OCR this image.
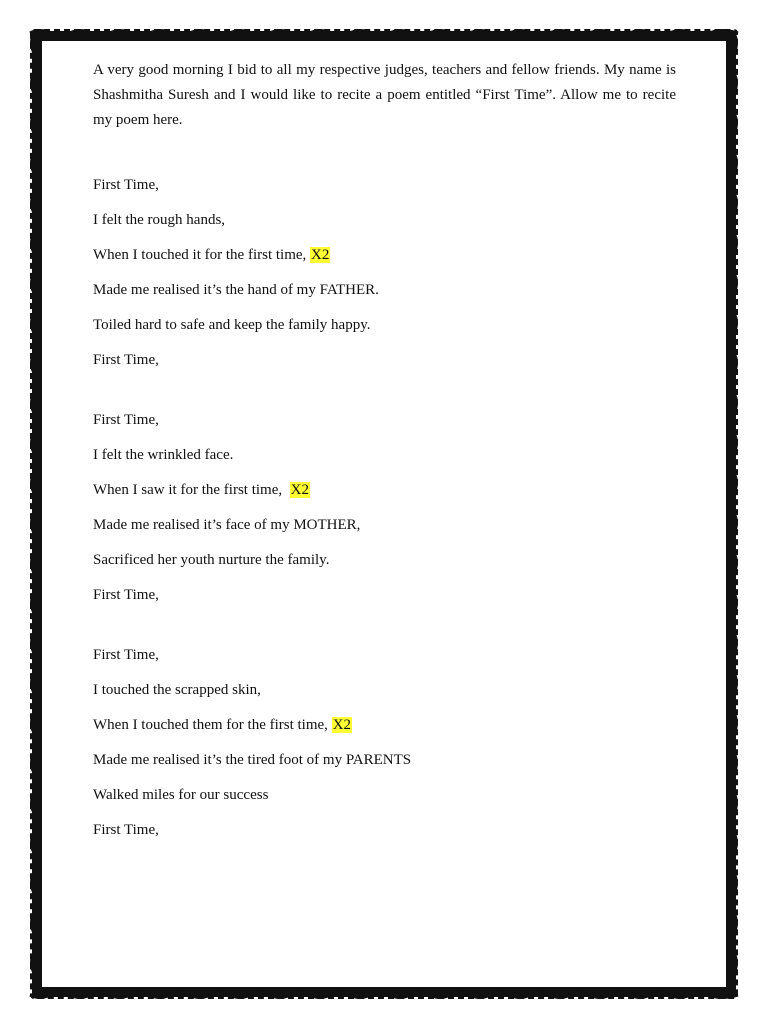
A very good morning I bid to all my respective judges, teachers and fellow friends. My name is Shashmitha Suresh and I would like to recite a poem entitled “First Time”. Allow me to recite my poem here.

First Time,
I felt the rough hands,
When I touched it for the first time, X2
Made me realised it’s the hand of my FATHER.
Toiled hard to safe and keep the family happy.
First Time,
First Time,
I felt the wrinkled face.
When I saw it for the first time,  X2
Made me realised it’s face of my MOTHER,
Sacrificed her youth nurture the family.
First Time,
First Time,
I touched the scrapped skin,
When I touched them for the first time, X2
Made me realised it’s the tired foot of my PARENTS
Walked miles for our success
First Time,
